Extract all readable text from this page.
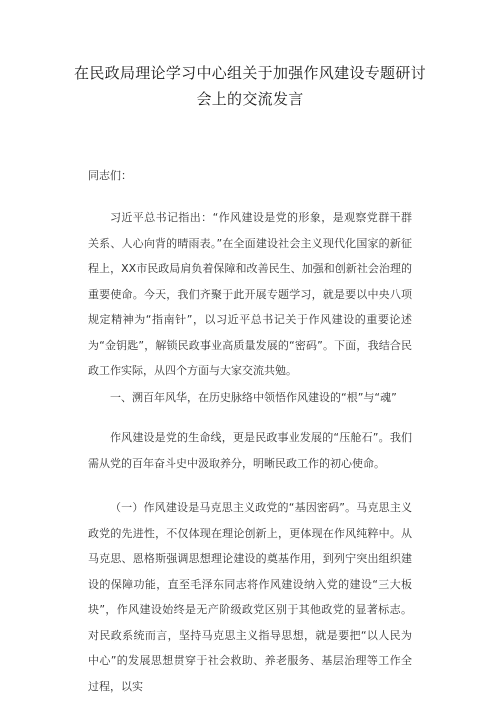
在民政局理论学习中心组关于加强作风建设专题研讨
会上的交流发言
同志们：

习近平总书记指出：“作风建设是党的形象，是观察党群干群关系、人心向背的晴雨表。”在全面建设社会主义现代化国家的新征程上，XX市民政局肩负着保障和改善民生、加强和创新社会治理的重要使命。今天，我们齐聚于此开展专题学习，就是要以中央八项规定精神为“指南针”，以习近平总书记关于作风建设的重要论述为“金钥匙”，解锁民政事业高质量发展的“密码”。下面，我结合民政工作实际，从四个方面与大家交流共勉。

一、溯百年风华，在历史脉络中领悟作风建设的“根”与“魂”

作风建设是党的生命线，更是民政事业发展的“压舱石”。我们需从党的百年奋斗史中汲取养分，明晰民政工作的初心使命。

（一）作风建设是马克思主义政党的“基因密码”。马克思主义政党的先进性，不仅体现在理论创新上，更体现在作风纯粹中。从马克思、恩格斯强调思想理论建设的奠基作用，到列宁突出组织建设的保障功能，直至毛泽东同志将作风建设纳入党的建设“三大板块”，作风建设始终是无产阶级政党区别于其他政党的显著标志。对民政系统而言，坚持马克思主义指导思想，就是要把“以人民为中心”的发展思想贯穿于社会救助、养老服务、基层治理等工作全过程，以实
